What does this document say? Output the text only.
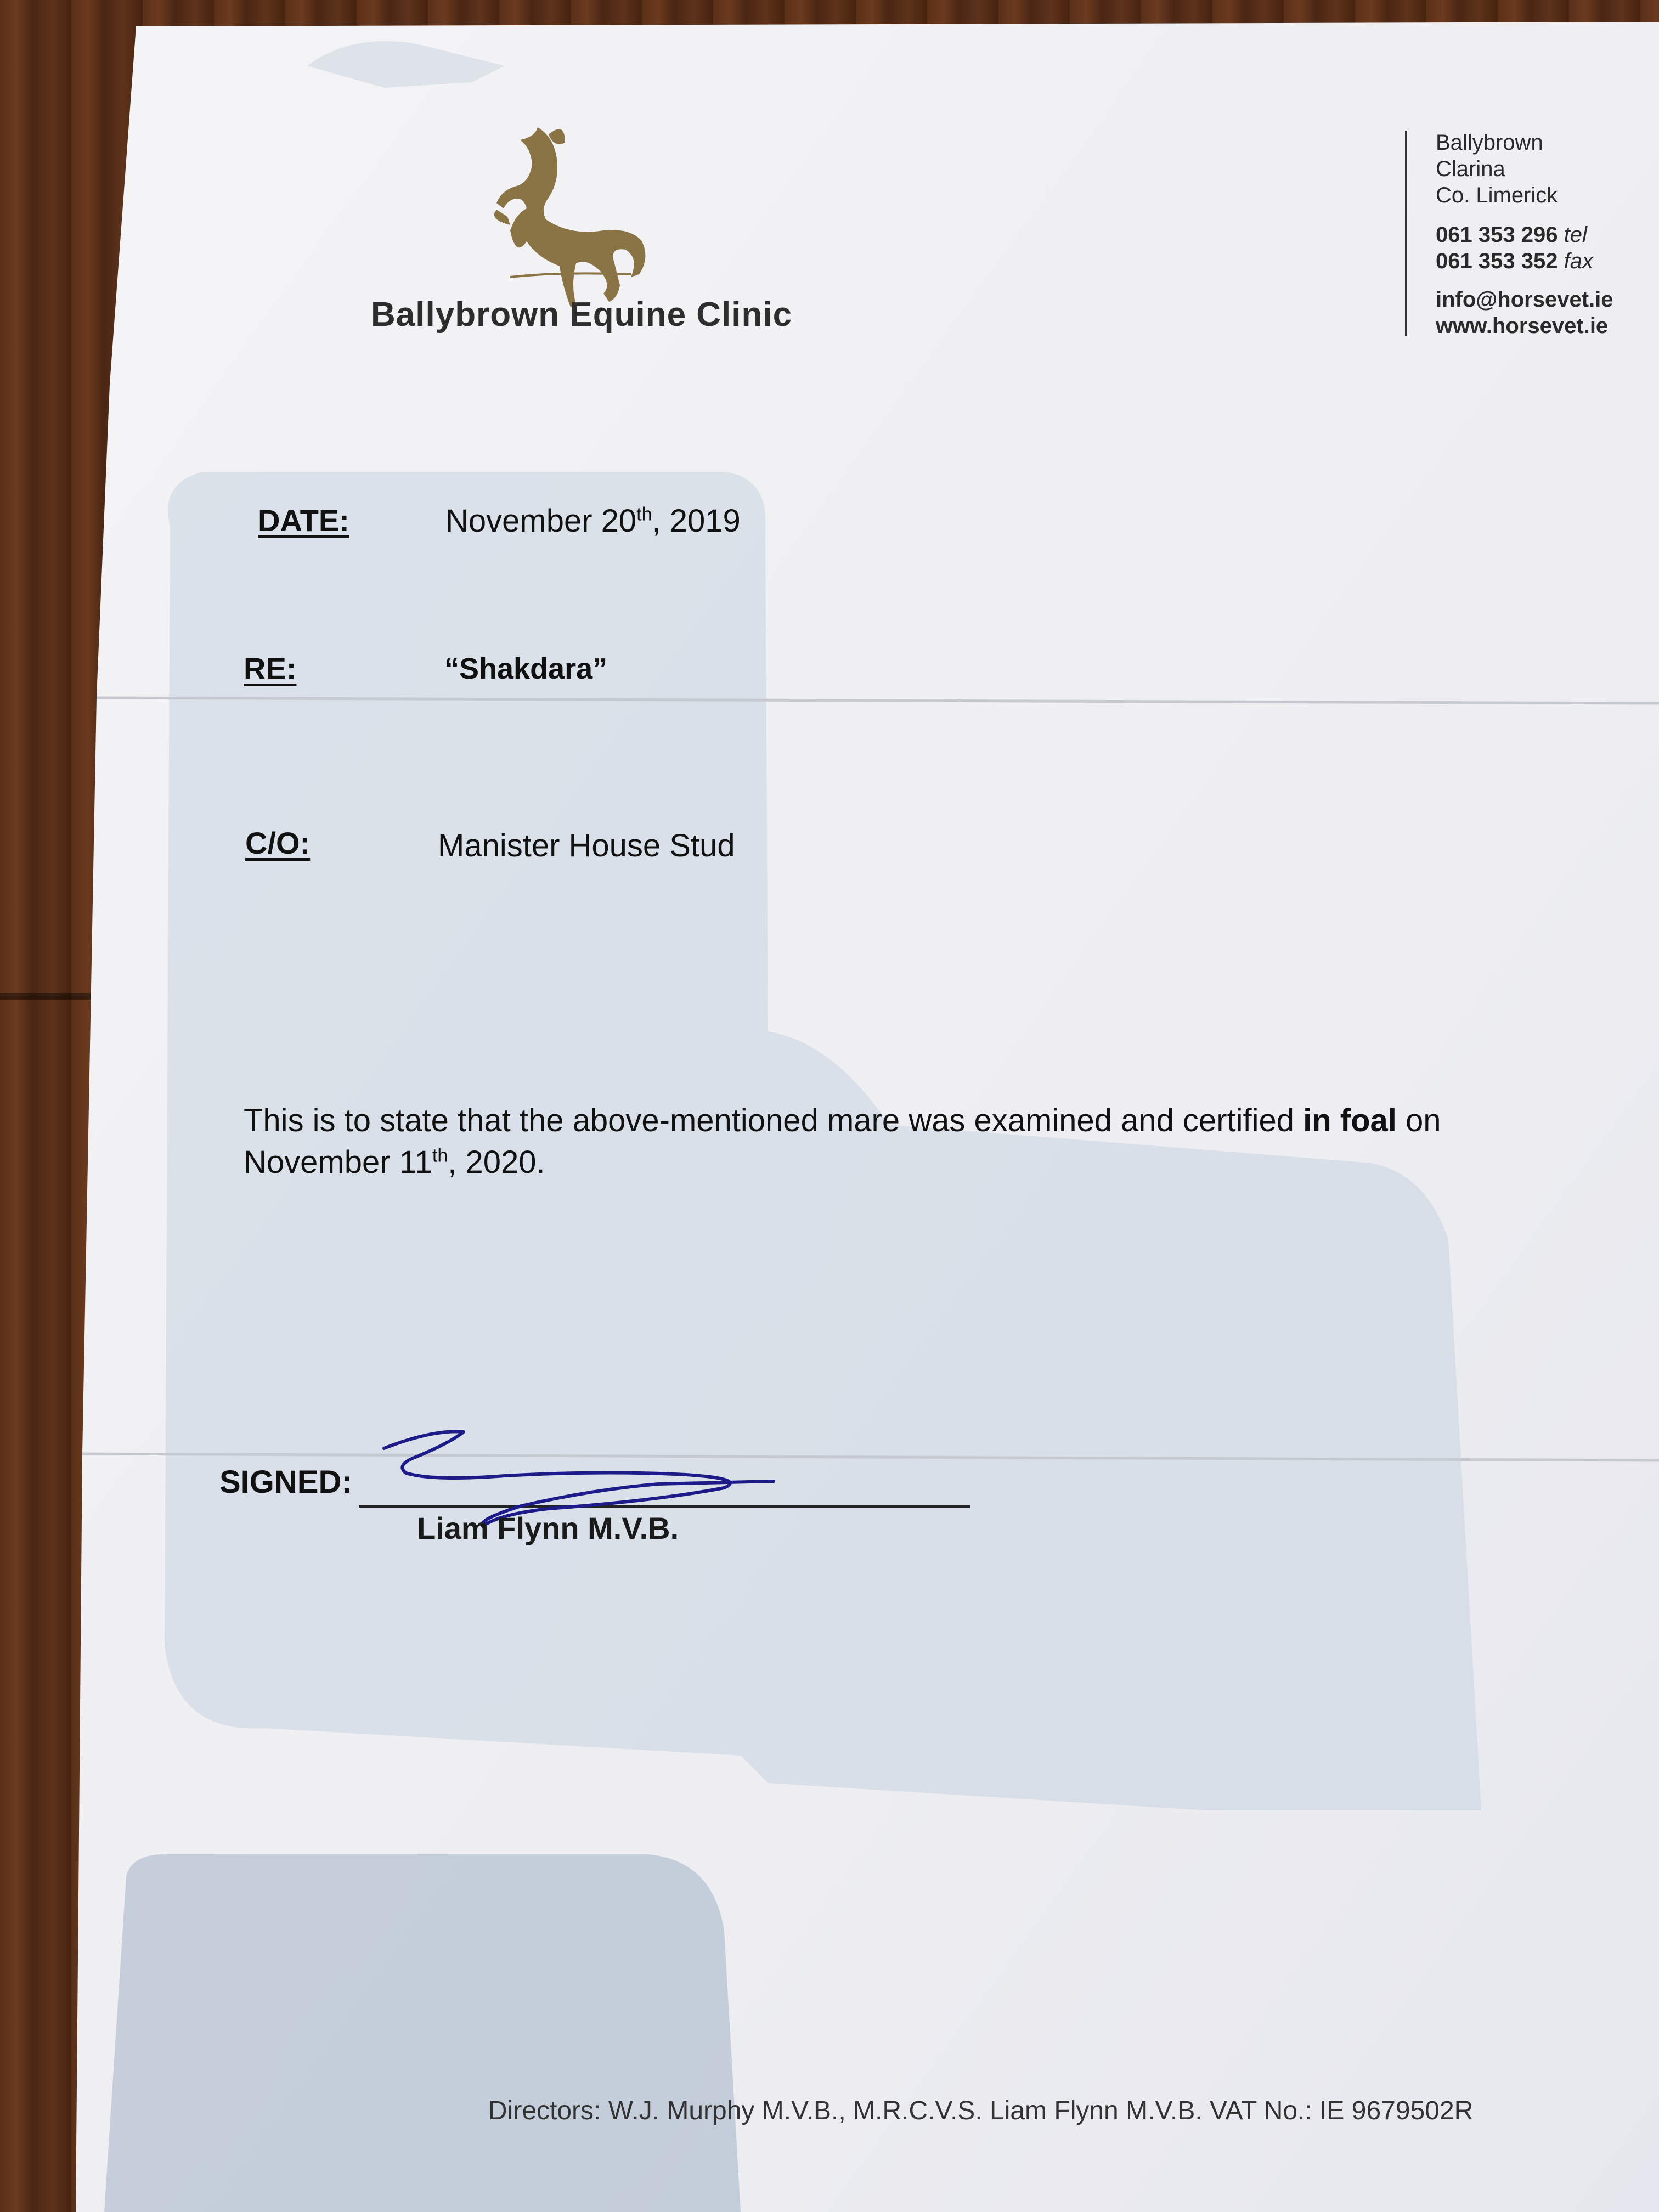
Ballybrown Equine Clinic
Ballybrown
Clarina
Co. Limerick
061 353 296 tel
061 353 352 fax
info@horsevet.ie
www.horsevet.ie
DATE:	November 20th, 2019
RE:	“Shakdara”
C/O:	Manister House Stud
This is to state that the above-mentioned mare was examined and certified in foal on November 11th, 2020.
SIGNED:
Liam Flynn M.V.B.
Directors: W.J. Murphy M.V.B., M.R.C.V.S. Liam Flynn M.V.B. VAT No.: IE 9679502R
